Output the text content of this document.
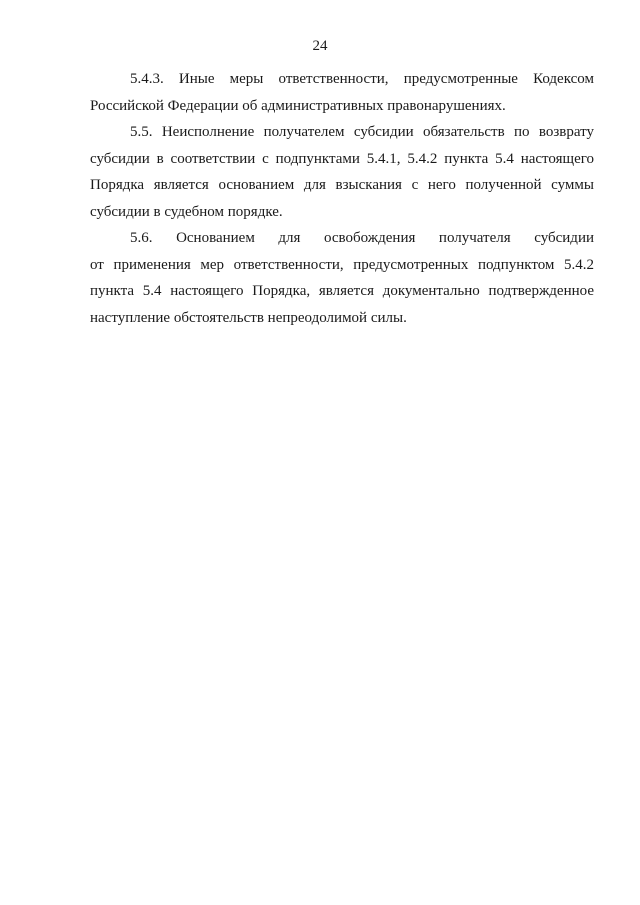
24

5.4.3. Иные меры ответственности, предусмотренные Кодексом
Российской Федерации об административных правонарушениях.

5.5. Неисполнение получателем субсидии обязательств по возврату
субсидии в соответствии с подпунктами 5.4.1, 5.4.2 пункта 5.4 настоящего
Порядка является основанием для взыскания с него полученной суммы
субсидии в судебном порядке.

5.6. Основанием для освобождения получателя субсидии
от применения мер ответственности, предусмотренных подпунктом 5.4.2
пункта 5.4 настоящего Порядка, является документально подтвержденное
наступление обстоятельств непреодолимой силы.
